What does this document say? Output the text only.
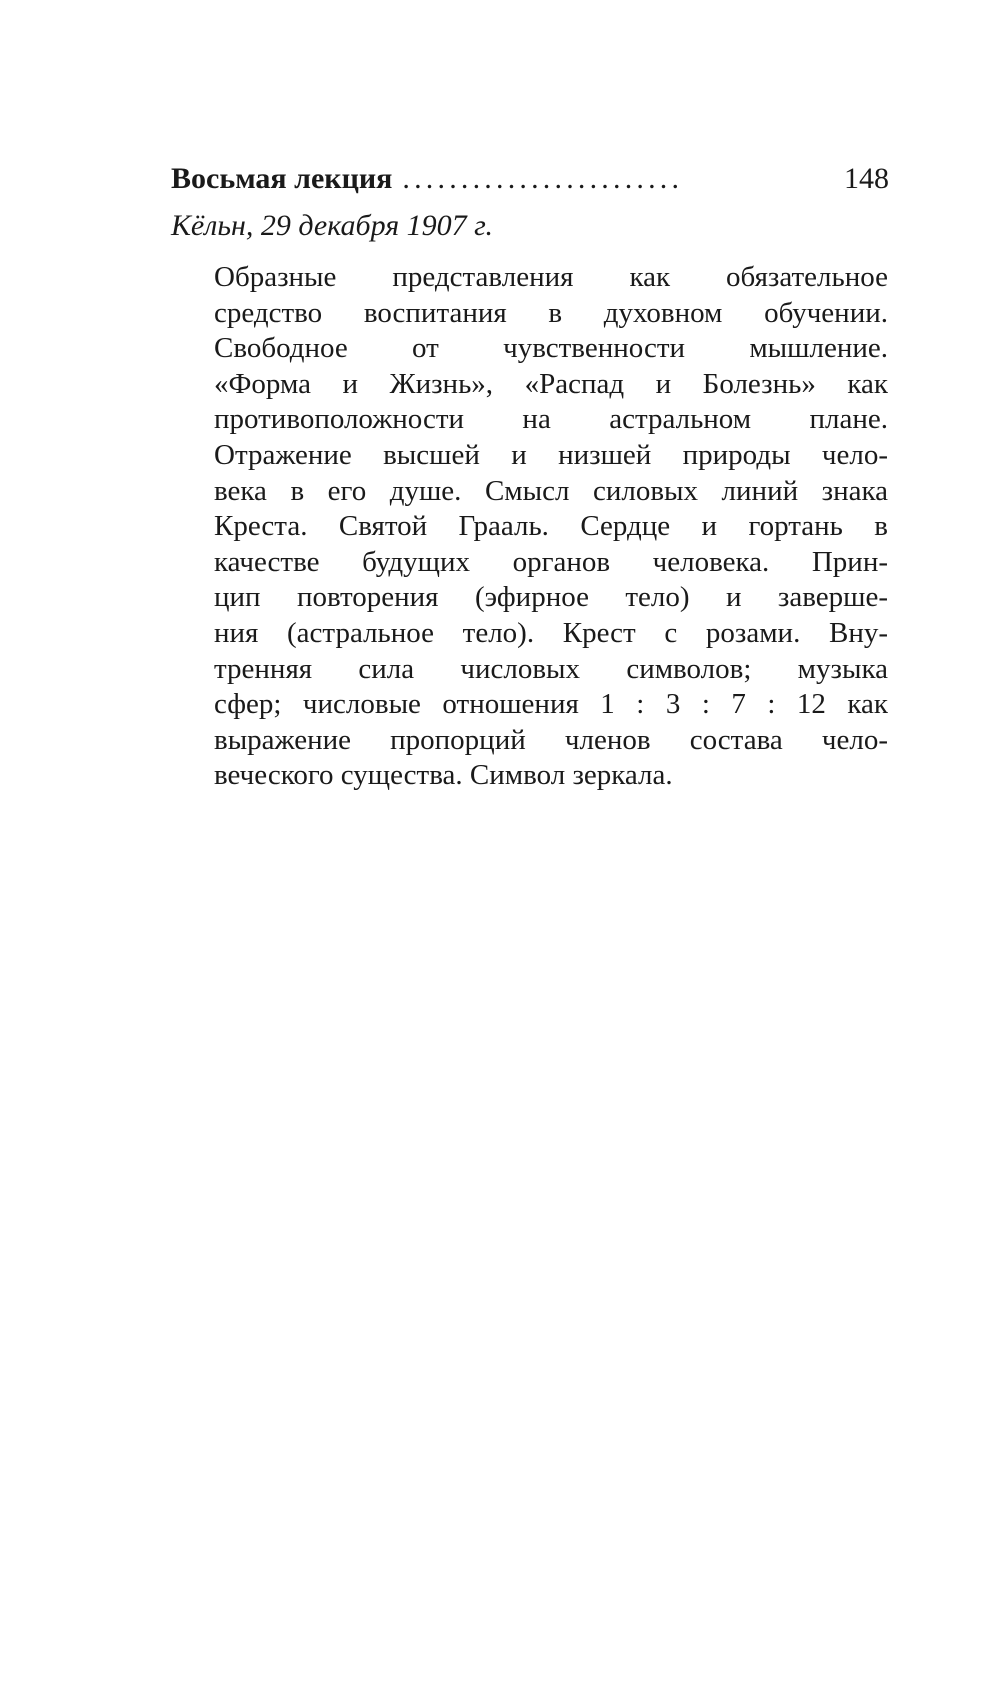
Восьмая лекция ........................	148
Кёльн, 29 декабря 1907 г.
Образные представления как обязательное
средство воспитания в духовном обучении.
Свободное от чувственности мышление.
«Форма и Жизнь», «Распад и Болезнь» как
противоположности на астральном плане.
Отражение высшей и низшей природы чело-
века в его душе. Смысл силовых линий знака
Креста. Святой Грааль. Сердце и гортань в
качестве будущих органов человека. Прин-
цип повторения (эфирное тело) и заверше-
ния (астральное тело). Крест с розами. Вну-
тренняя сила числовых символов; музыка
сфер; числовые отношения 1 : 3 : 7 : 12 как
выражение пропорций членов состава чело-
веческого существа. Символ зеркала.
